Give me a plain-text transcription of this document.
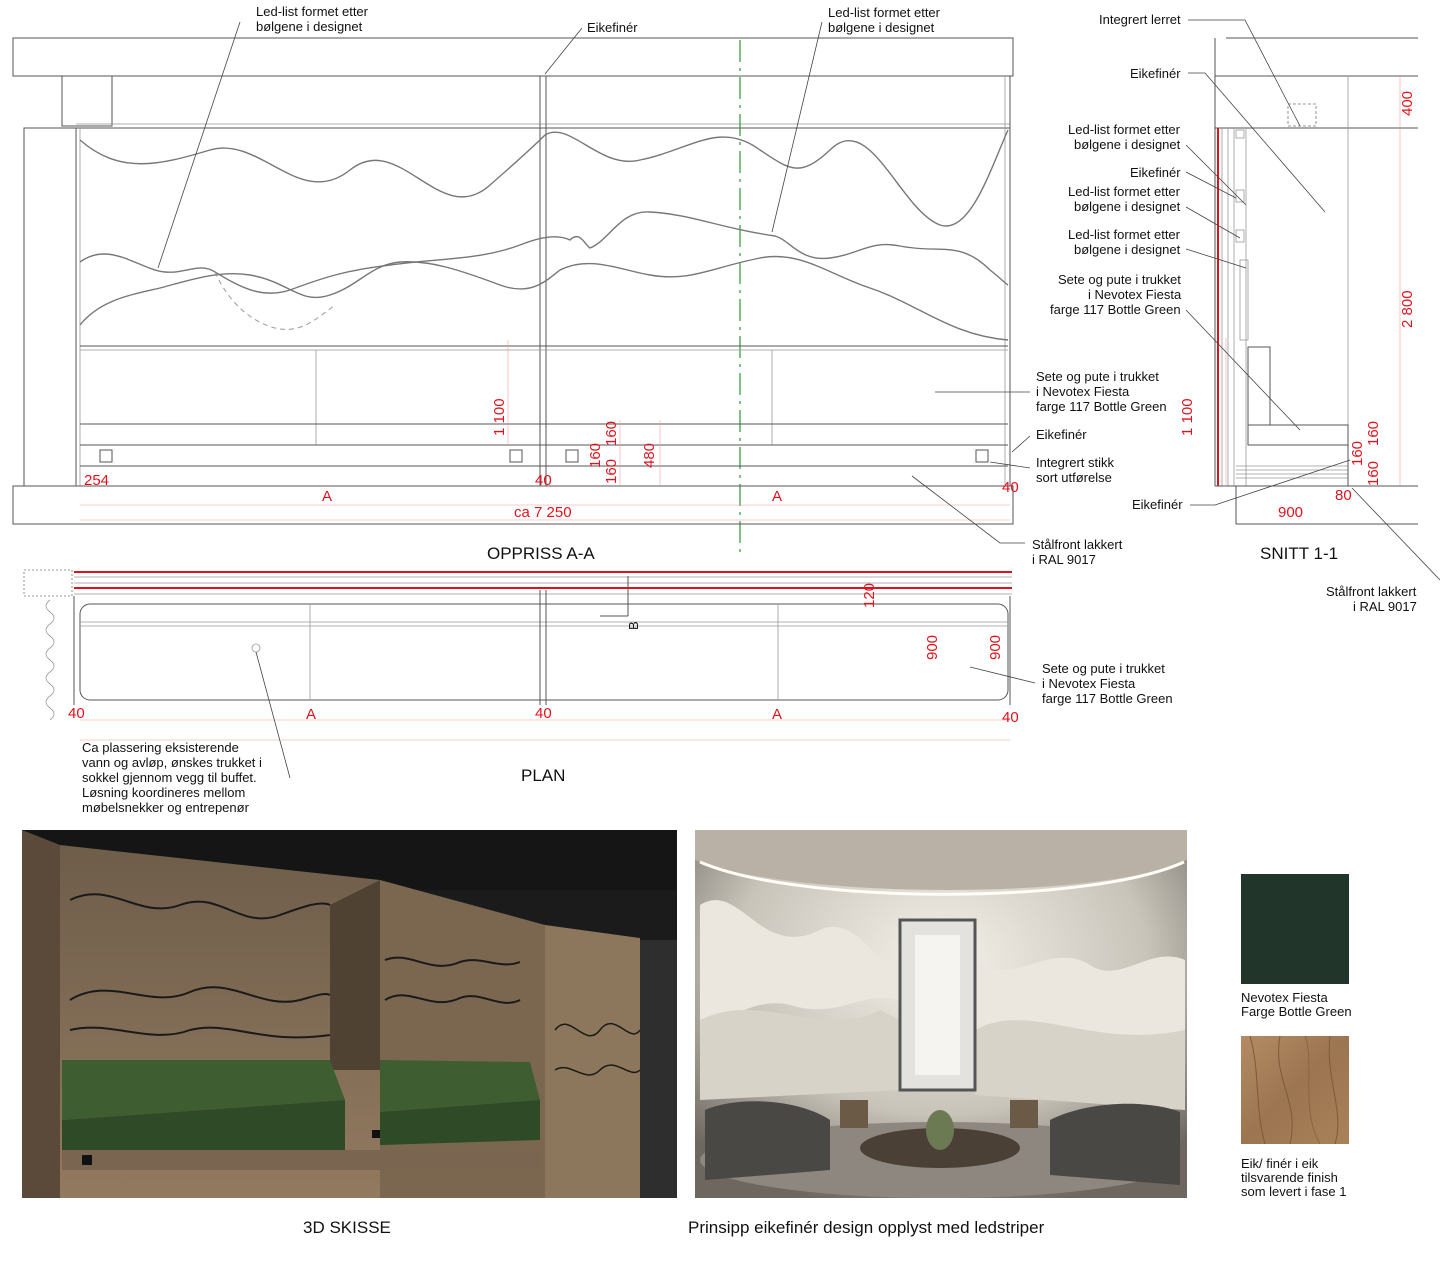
Led-list formet etter bølgene i designet	Eikefinér
Led-list formet etter bølgene i designet
Sete og pute i trukket i Nevotex Fiesta farge 117 Bottle Green
Eikefinér
Integrert stikk sort utførelse
Stålfront lakkert i RAL 9017
1 100	160
160
160
480
254	40	40
A	A
ca 7 250
OPPRISS A-A
Integrert lerret
Eikefinér
Led-list formet etter bølgene i designet
Eikefinér
Led-list formet etter bølgene i designet
Led-list formet etter bølgene i designet
Sete og pute i trukket i Nevotex Fiesta farge 117 Bottle Green
Eikefinér
Stålfront lakkert i RAL 9017
400
2 800
1 100	160
160
160
80
900
SNITT 1-1
120
B
900	900
Sete og pute i trukket i Nevotex Fiesta farge 117 Bottle Green
40	A	40	A	40
Ca plassering eksisterende vann og avløp, ønskes trukket i sokkel gjennom vegg til buffet. Løsning koordineres mellom møbelsnekker og entrepenør
PLAN
3D SKISSE	Prinsipp eikefinér design opplyst med ledstriper
Nevotex Fiesta Farge Bottle Green
Eik/ finér i eik tilsvarende finish som levert i fase 1
